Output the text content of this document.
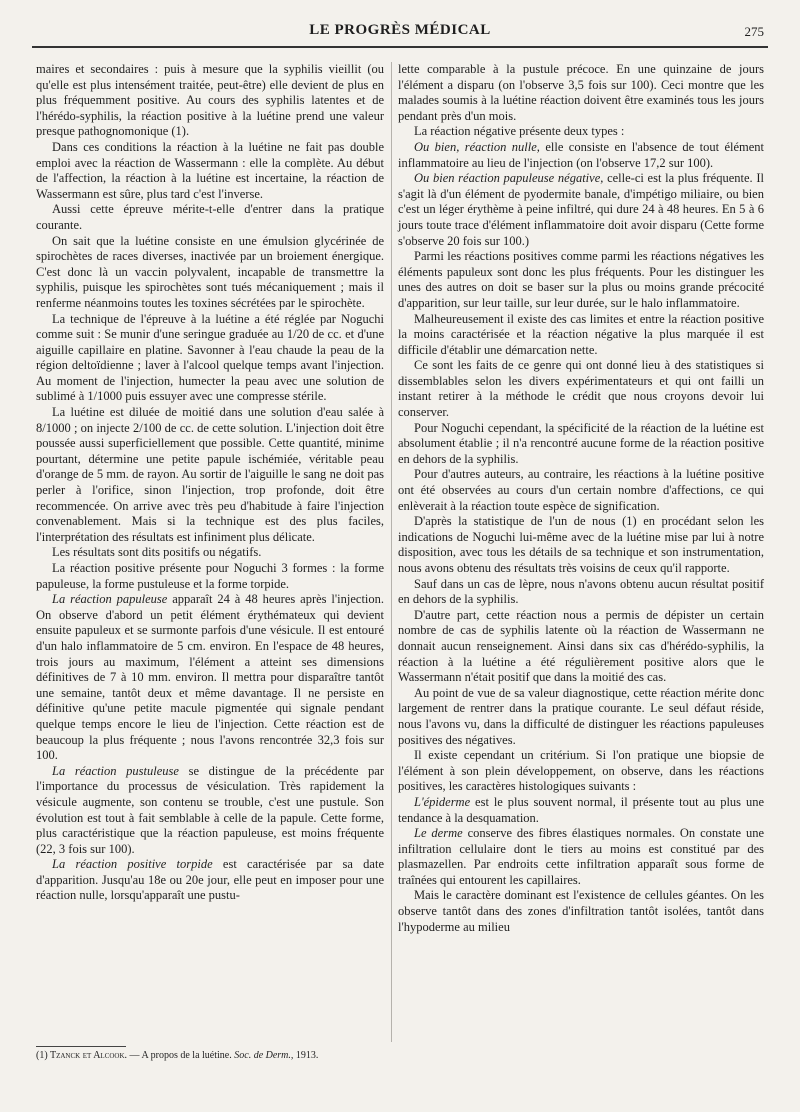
LE PROGRÈS MÉDICAL	275

maires et secondaires : puis à mesure que la syphilis vieillit (ou qu'elle est plus intensément traitée, peut-être) elle devient de plus en plus fréquemment positive. Au cours des syphilis latentes et de l'hérédo-syphilis, la réaction positive à la luétine prend une valeur presque pathognomonique (1).

Dans ces conditions la réaction à la luétine ne fait pas double emploi avec la réaction de Wassermann : elle la complète. Au début de l'affection, la réaction à la luétine est incertaine, la réaction de Wassermann est sûre, plus tard c'est l'inverse.

Aussi cette épreuve mérite-t-elle d'entrer dans la pratique courante.

On sait que la luétine consiste en une émulsion glycérinée de spirochètes de races diverses, inactivée par un broiement énergique. C'est donc là un vaccin polyvalent, incapable de transmettre la syphilis, puisque les spirochètes sont tués mécaniquement ; mais il renferme néanmoins toutes les toxines sécrétées par le spirochète.

La technique de l'épreuve à la luétine a été réglée par Noguchi comme suit : Se munir d'une seringue graduée au 1/20 de cc. et d'une aiguille capillaire en platine. Savonner à l'eau chaude la peau de la région deltoïdienne ; laver à l'alcool quelque temps avant l'injection. Au moment de l'injection, humecter la peau avec une solution de sublimé à 1/1000 puis essuyer avec une compresse stérile.

La luétine est diluée de moitié dans une solution d'eau salée à 8/1000 ; on injecte 2/100 de cc. de cette solution. L'injection doit être poussée aussi superficiellement que possible. Cette quantité, minime pourtant, détermine une petite papule ischémiée, véritable peau d'orange de 5 mm. de rayon. Au sortir de l'aiguille le sang ne doit pas perler à l'orifice, sinon l'injection, trop profonde, doit être recommencée. On arrive avec très peu d'habitude à faire l'injection convenablement. Mais si la technique est des plus faciles, l'interprétation des résultats est infiniment plus délicate.

Les résultats sont dits positifs ou négatifs.

La réaction positive présente pour Noguchi 3 formes : la forme papuleuse, la forme pustuleuse et la forme torpide.

La réaction papuleuse apparaît 24 à 48 heures après l'injection. On observe d'abord un petit élément érythémateux qui devient ensuite papuleux et se surmonte parfois d'une vésicule. Il est entouré d'un halo inflammatoire de 5 cm. environ. En l'espace de 48 heures, trois jours au maximum, l'élément a atteint ses dimensions définitives de 7 à 10 mm. environ. Il mettra pour disparaître tantôt une semaine, tantôt deux et même davantage. Il ne persiste en définitive qu'une petite macule pigmentée qui signale pendant quelque temps encore le lieu de l'injection. Cette réaction est de beaucoup la plus fréquente ; nous l'avons rencontrée 32,3 fois sur 100.

La réaction pustuleuse se distingue de la précédente par l'importance du processus de vésiculation. Très rapidement la vésicule augmente, son contenu se trouble, c'est une pustule. Son évolution est tout à fait semblable à celle de la papule. Cette forme, plus caractéristique que la réaction papuleuse, est moins fréquente (22, 3 fois sur 100).

La réaction positive torpide est caractérisée par sa date d'apparition. Jusqu'au 18e ou 20e jour, elle peut en imposer pour une réaction nulle, lorsqu'apparaît une pustu-

lette comparable à la pustule précoce. En une quinzaine de jours l'élément a disparu (on l'observe 3,5 fois sur 100). Ceci montre que les malades soumis à la luétine réaction doivent être examinés tous les jours pendant près d'un mois.

La réaction négative présente deux types :

Ou bien, réaction nulle, elle consiste en l'absence de tout élément inflammatoire au lieu de l'injection (on l'observe 17,2 sur 100).

Ou bien réaction papuleuse négative, celle-ci est la plus fréquente. Il s'agit là d'un élément de pyodermite banale, d'impétigo miliaire, ou bien c'est un léger érythème à peine infiltré, qui dure 24 à 48 heures. En 5 à 6 jours toute trace d'élément inflammatoire doit avoir disparu (Cette forme s'observe 20 fois sur 100.)

Parmi les réactions positives comme parmi les réactions négatives les éléments papuleux sont donc les plus fréquents. Pour les distinguer les unes des autres on doit se baser sur la plus ou moins grande précocité d'apparition, sur leur taille, sur leur durée, sur le halo inflammatoire.

Malheureusement il existe des cas limites et entre la réaction positive la moins caractérisée et la réaction négative la plus marquée il est difficile d'établir une démarcation nette.

Ce sont les faits de ce genre qui ont donné lieu à des statistiques si dissemblables selon les divers expérimentateurs et qui ont failli un instant retirer à la méthode le crédit que nous croyons devoir lui conserver.

Pour Noguchi cependant, la spécificité de la réaction de la luétine est absolument établie ; il n'a rencontré aucune forme de la réaction positive en dehors de la syphilis.

Pour d'autres auteurs, au contraire, les réactions à la luétine positive ont été observées au cours d'un certain nombre d'affections, ce qui enlèverait à la réaction toute espèce de signification.

D'après la statistique de l'un de nous (1) en procédant selon les indications de Noguchi lui-même avec de la luétine mise par lui à notre disposition, avec tous les détails de sa technique et son instrumentation, nous avons obtenu des résultats très voisins de ceux qu'il rapporte.

Sauf dans un cas de lèpre, nous n'avons obtenu aucun résultat positif en dehors de la syphilis.

D'autre part, cette réaction nous a permis de dépister un certain nombre de cas de syphilis latente où la réaction de Wassermann ne donnait aucun renseignement. Ainsi dans six cas d'hérédo-syphilis, la réaction à la luétine a été régulièrement positive alors que le Wassermann n'était positif que dans la moitié des cas.

Au point de vue de sa valeur diagnostique, cette réaction mérite donc largement de rentrer dans la pratique courante. Le seul défaut réside, nous l'avons vu, dans la difficulté de distinguer les réactions papuleuses positives des négatives.

Il existe cependant un critérium. Si l'on pratique une biopsie de l'élément à son plein développement, on observe, dans les réactions positives, les caractères histologiques suivants :

L'épiderme est le plus souvent normal, il présente tout au plus une tendance à la desquamation.

Le derme conserve des fibres élastiques normales. On constate une infiltration cellulaire dont le tiers au moins est constitué par des plasmazellen. Par endroits cette infiltration apparaît sous forme de traînées qui entourent les capillaires.

Mais le caractère dominant est l'existence de cellules géantes. On les observe tantôt dans des zones d'infiltration tantôt isolées, tantôt dans l'hypoderme au milieu

(1) Tzanck et Alcook. — A propos de la luétine. Soc. de Derm., 1913.
